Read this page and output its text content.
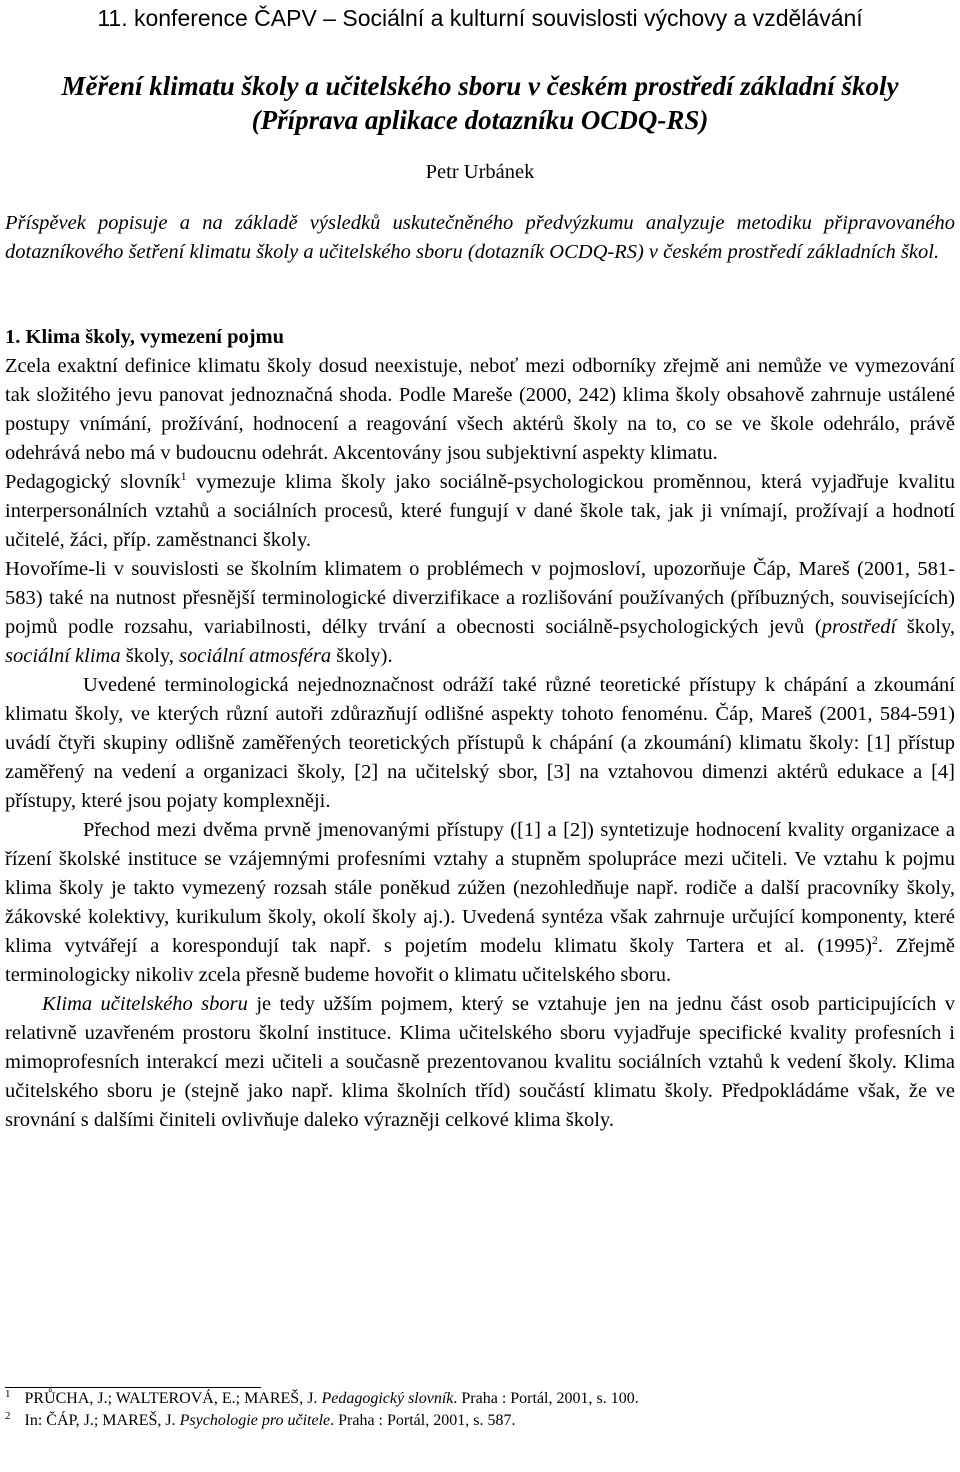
11. konference ČAPV – Sociální a kulturní souvislosti výchovy a vzdělávání
Měření klimatu školy a učitelského sboru v českém prostředí základní školy
(Příprava aplikace dotazníku OCDQ-RS)
Petr Urbánek
Příspěvek popisuje a na základě výsledků uskutečněného předvýzkumu analyzuje metodiku připravovaného dotazníkového šetření klimatu školy a učitelského sboru (dotazník OCDQ-RS) v českém prostředí základních škol.
1. Klima školy, vymezení pojmu

Zcela exaktní definice klimatu školy dosud neexistuje, neboť mezi odborníky zřejmě ani nemůže ve vymezování tak složitého jevu panovat jednoznačná shoda. Podle Mareše (2000, 242) klima školy obsahově zahrnuje ustálené postupy vnímání, prožívání, hodnocení a reagování všech aktérů školy na to, co se ve škole odehrálo, právě odehrává nebo má v budoucnu odehrát. Akcentovány jsou subjektivní aspekty klimatu.

Pedagogický slovník$^1$ vymezuje klima školy jako sociálně-psychologickou proměnnou, která vyjadřuje kvalitu interpersonálních vztahů a sociálních procesů, které fungují v dané škole tak, jak ji vnímají, prožívají a hodnotí učitelé, žáci, příp. zaměstnanci školy.

Hovoříme-li v souvislosti se školním klimatem o problémech v pojmosloví, upozorňuje Čáp, Mareš (2001, 581-583) také na nutnost přesnější terminologické diverzifikace a rozlišování používaných (příbuzných, souvisejících) pojmů podle rozsahu, variabilnosti, délky trvání a obecnosti sociálně-psychologických jevů (prostředí školy, sociální klima školy, sociální atmosféra školy).

Uvedené terminologická nejednoznačnost odráží také různé teoretické přístupy k chápání a zkoumání klimatu školy, ve kterých různí autoři zdůrazňují odlišné aspekty tohoto fenoménu. Čáp, Mareš (2001, 584-591) uvádí čtyři skupiny odlišně zaměřených teoretických přístupů k chápání (a zkoumání) klimatu školy: [1] přístup zaměřený na vedení a organizaci školy, [2] na učitelský sbor, [3] na vztahovou dimenzi aktérů edukace a [4] přístupy, které jsou pojaty komplexněji.

Přechod mezi dvěma prvně jmenovanými přístupy ([1] a [2]) syntetizuje hodnocení kvality organizace a řízení školské instituce se vzájemnými profesními vztahy a stupněm spolupráce mezi učiteli. Ve vztahu k pojmu klima školy je takto vymezený rozsah stále poněkud zúžen (nezohledňuje např. rodiče a další pracovníky školy, žákovské kolektivy, kurikulum školy, okolí školy aj.). Uvedená syntéza však zahrnuje určující komponenty, které klima vytvářejí a korespondují tak např. s pojetím modelu klimatu školy Tartera et al. $(1995)^2$. Zřejmě terminologicky nikoliv zcela přesně budeme hovořit o klimatu učitelského sboru.

Klima učitelského sboru je tedy užším pojmem, který se vztahuje jen na jednu část osob participujících v relativně uzavřeném prostoru školní instituce. Klima učitelského sboru vyjadřuje specifické kvality profesních i mimoprofesních interakcí mezi učiteli a současně prezentovanou kvalitu sociálních vztahů k vedení školy. Klima učitelského sboru je (stejně jako např. klima školních tříd) součástí klimatu školy. Předpokládáme však, že ve srovnání s dalšími činiteli ovlivňuje daleko výrazněji celkové klima školy.

$^1$ PRŮCHA, J.; WALTEROVÁ, E.; MAREŠ, J. Pedagogický slovník. Praha : Portál, 2001, s. 100.
$^2$ In: ČÁP, J.; MAREŠ, J. Psychologie pro učitele. Praha : Portál, 2001, s. 587.
